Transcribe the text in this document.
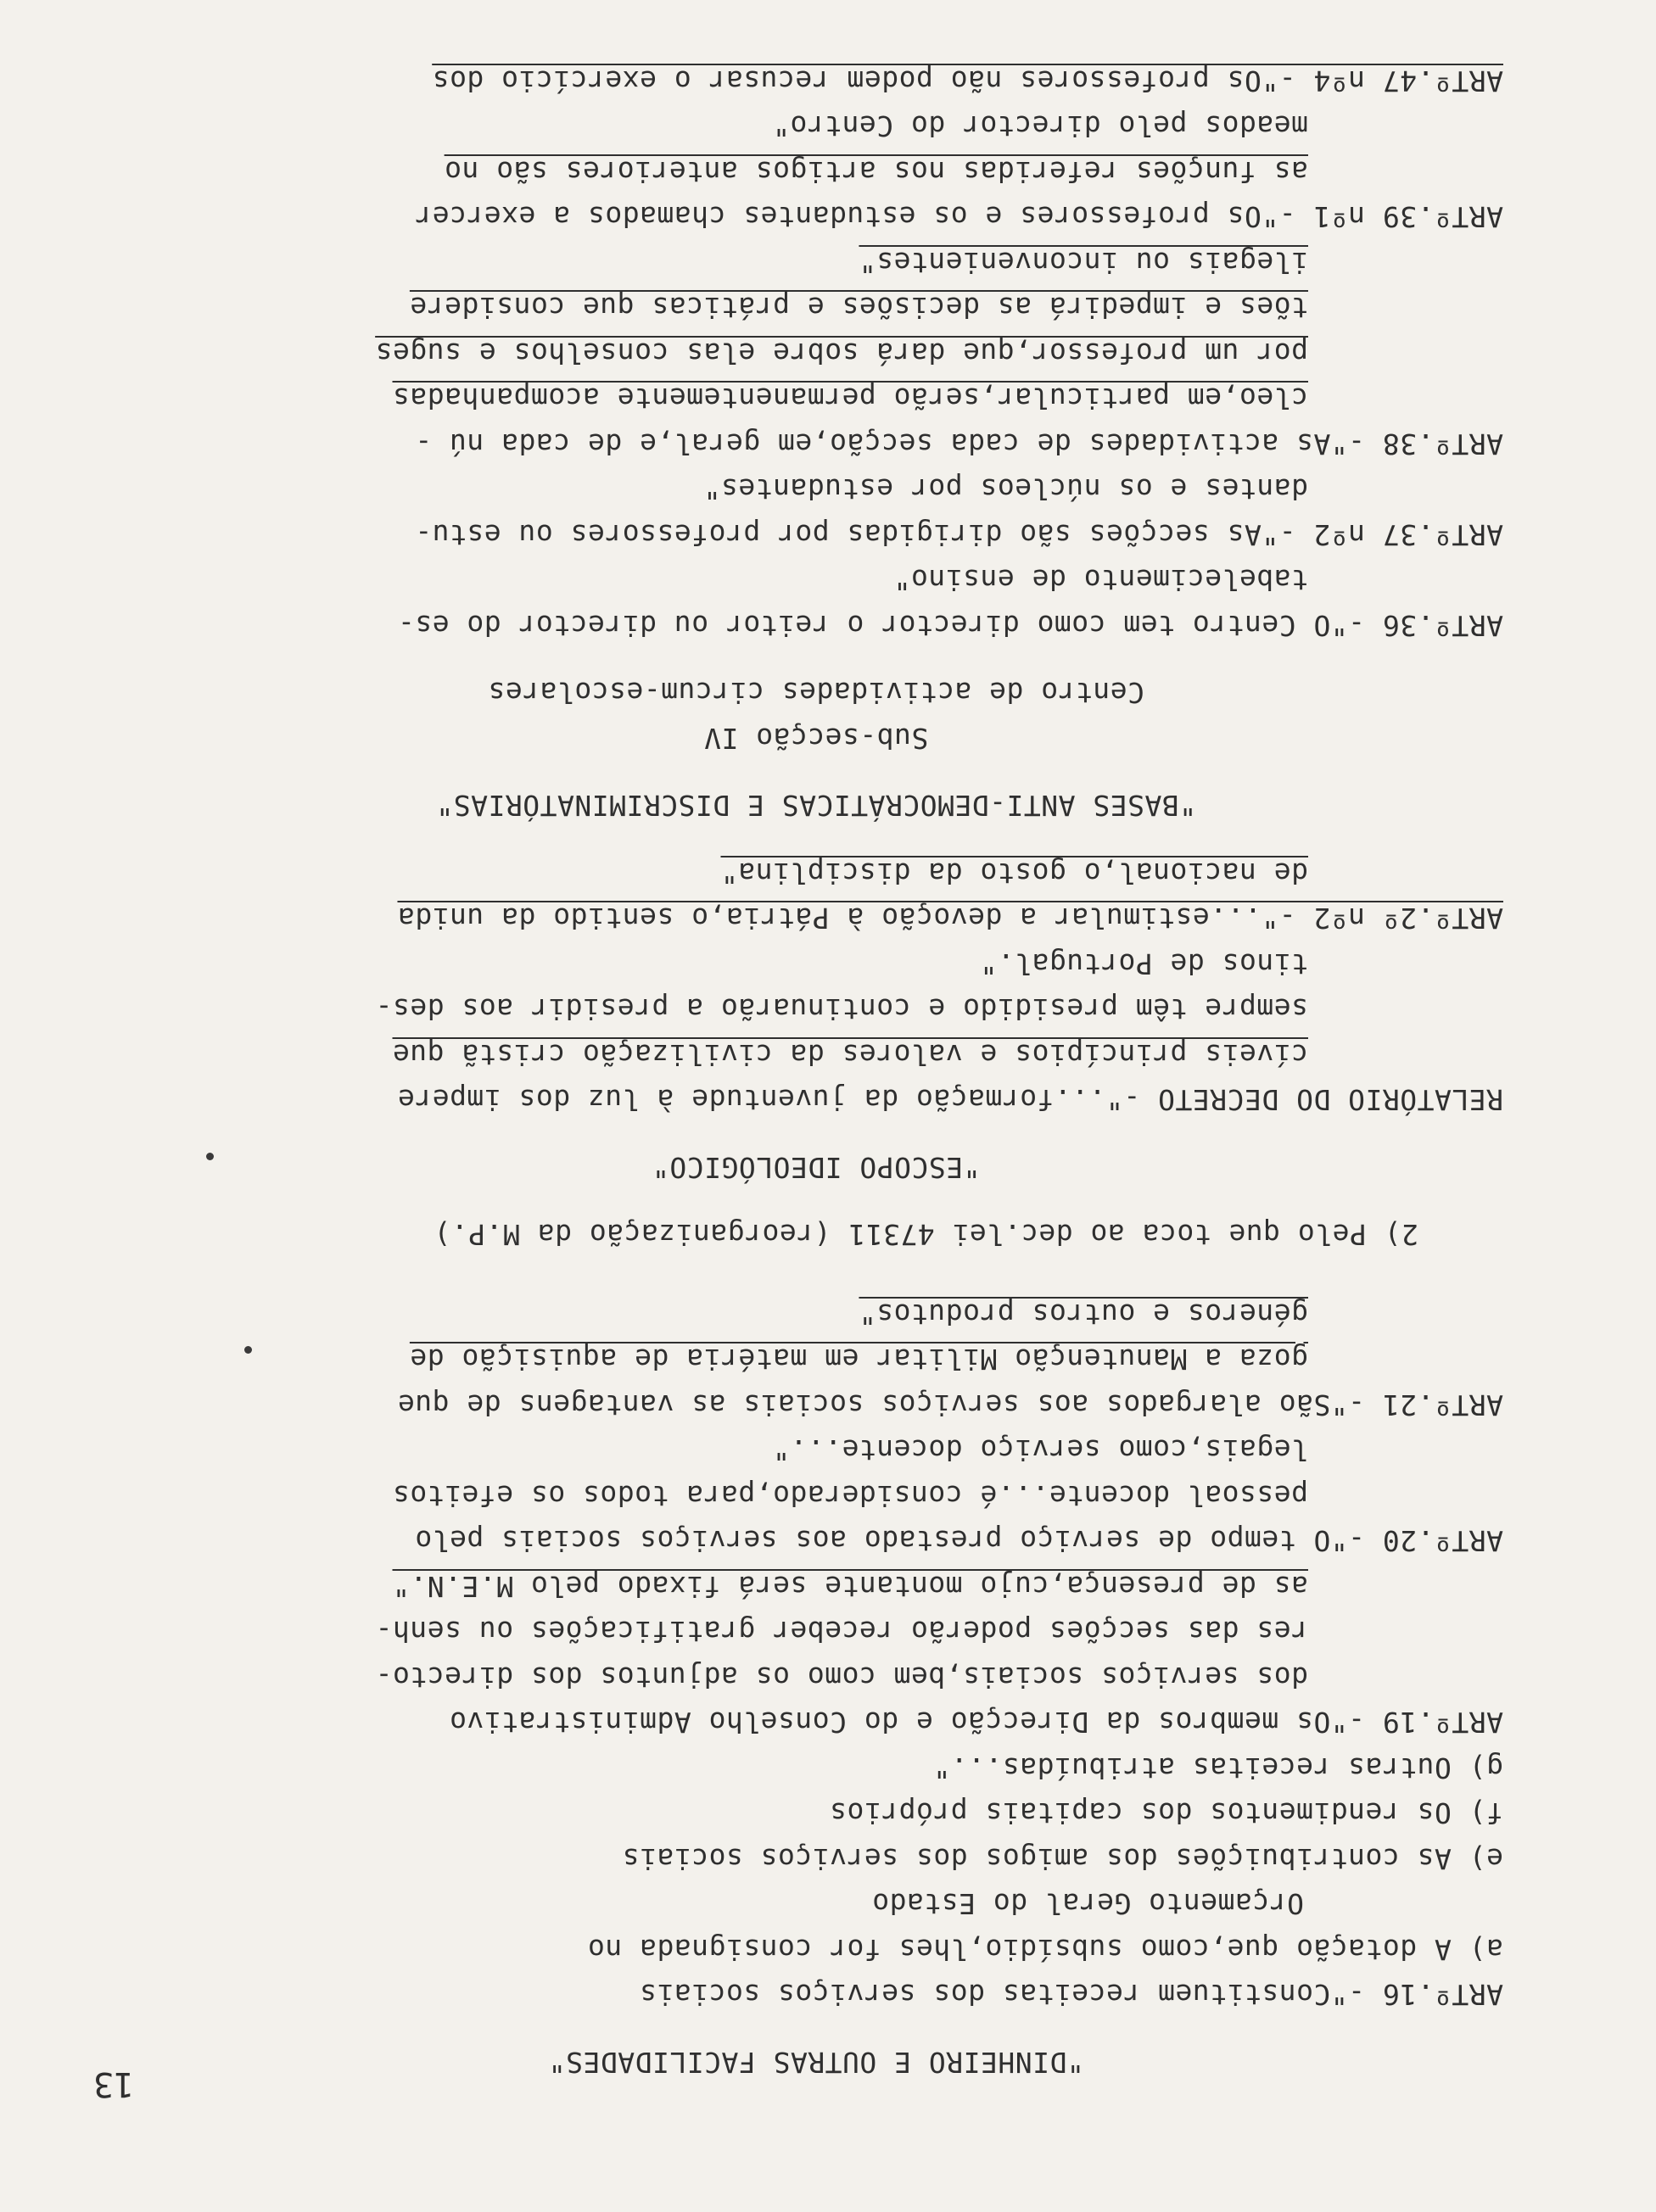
13
"DINHEIRO E OUTRAS FACILIDADES"
ARTº.16 -"Constituem receitas dos serviços sociais
a) A dotação que,como subsídio,lhes for consignada no
Orçamento Geral do Estado
e) As contribuições dos amigos dos serviços sociais
f) Os rendimentos dos capitais próprios
g) Outras receitas atribuídas..."
ARTº.19 -"Os membros da Direcção e do Conselho Administrativo
dos serviços sociais,bem como os adjuntos dos directo-
res das secções poderão receber gratificações ou senh-
as de presença,cujo montante será fixado pelo M.E.N."
ARTº.20 -"O tempo de serviço prestado aos serviços sociais pelo
pessoal docente...é considerado,para todos os efeitos
legais,como serviço docente..."
ARTº.21 -"São alargados aos serviços sociais as vantagens de que
goza a Manutenção Militar em matéria de aquisição de
géneros e outros produtos"
2) Pelo que toca ao dec.lei 47311 (reorganização da M.P.)
"ESCOPO IDEOLÓGICO"
RELATÓRIO DO DECRETO -"...formação da juventude à luz dos impere
cíveis princípios e valores da civilização cristã que
sempre têm presidido e continuarão a presidir aos des-
tinos de Portugal."
ARTº.2º nº2 -"...estimular a devoção à Pátria,o sentido da unida
de nacional,o gosto da disciplina"
"BASES ANTI-DEMOCRÁTICAS E DISCRIMINATÓRIAS"
Sub-secção IV
Centro de actividades circum-escolares
ARTº.36 -"O Centro tem como director o reitor ou director do es-
tabelecimento de ensino"
ARTº.37 nº2 -"As secções são dirigidas por professores ou estu-
dantes e os núcleos por estudantes"
ARTº.38 -"As actividades de cada secção,em geral,e de cada nú -
cleo,em particular,serão permanentemente acompanhadas
por um professor,que dará sobre elas conselhos e suges
tões e impedirá as decisões e práticas que considere
ilegais ou inconvenientes"
ARTº.39 nº1 -"Os professores e os estudantes chamados a exercer
as funções referidas nos artigos anteriores são no
meados pelo director do Centro"
ARTº.47 nº4 -"Os professores não podem recusar o exercício dos
